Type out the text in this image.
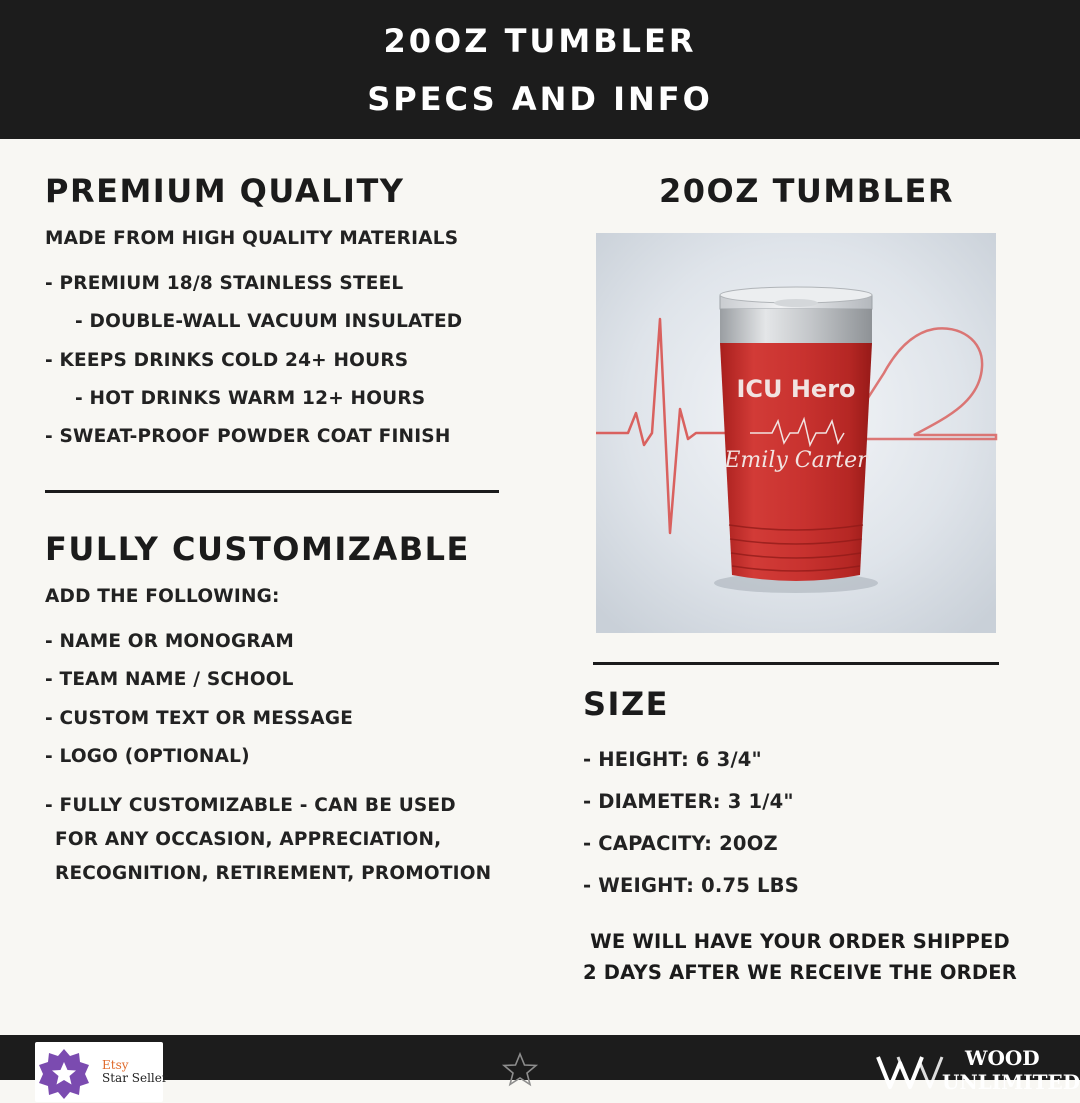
20OZ TUMBLER
SPECS AND INFO
PREMIUM QUALITY
MADE FROM HIGH QUALITY MATERIALS
- PREMIUM 18/8 STAINLESS STEEL
- DOUBLE-WALL VACUUM INSULATED
- KEEPS DRINKS COLD 24+ HOURS
- HOT DRINKS WARM 12+ HOURS
- SWEAT-PROOF POWDER COAT FINISH
FULLY CUSTOMIZABLE
ADD THE FOLLOWING:
- NAME OR MONOGRAM
- TEAM NAME / SCHOOL
- CUSTOM TEXT OR MESSAGE
- LOGO (OPTIONAL)
- FULLY CUSTOMIZABLE - CAN BE USED
FOR ANY OCCASION, APPRECIATION,
RECOGNITION, RETIREMENT, PROMOTION
20OZ TUMBLER
ICU Hero
Emily Carter
SIZE
- HEIGHT: 6 3/4"
- DIAMETER: 3 1/4"
- CAPACITY: 20OZ
- WEIGHT: 0.75 LBS
WE WILL HAVE YOUR ORDER SHIPPED
2 DAYS AFTER WE RECEIVE THE ORDER
Etsy
Star Seller
WOOD
UNLIMITED
